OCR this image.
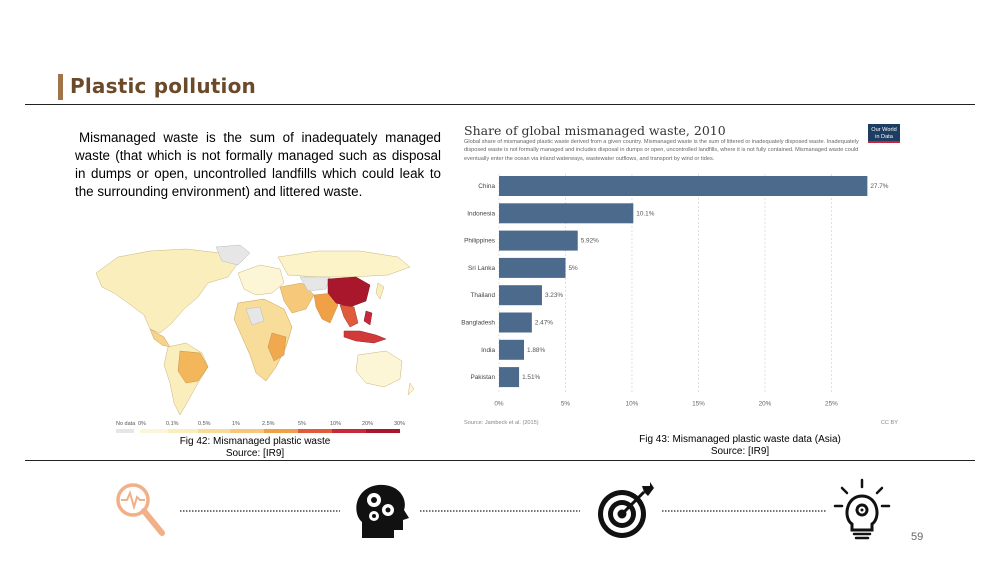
Plastic pollution
Mismanaged waste is the sum of inadequately managed waste (that which is not formally managed such as disposal in dumps or open, uncontrolled landfills which could leak to the surrounding environment) and littered waste.
No data 0%	0.1%	0.5%	1%	2.5%	5%	10%	20%	30%
Fig 42: Mismanaged plastic waste
Source: [IR9]
Share of global mismanaged waste, 2010
Global share of mismanaged plastic waste derived from a given country. Mismanaged waste is the sum of littered or inadequately disposed waste. Inadequately disposed waste is not formally managed and includes disposal in dumps or open, uncontrolled landfills, where it is not fully contained. Mismanaged waste could eventually enter the ocean via inland waterways, wastewater outflows, and transport by wind or tides.
Our World
in Data
China	27.7%
Indonesia	10.1%
Philippines	5.92%
Sri Lanka	5%
Thailand	3.23%
Bangladesh	2.47%
India	1.88%
Pakistan	1.51%
0%	5%	10%	15%	20%	25%
Source: Jambeck et al. (2015)	CC BY
Fig 43: Mismanaged plastic waste data (Asia)
Source: [IR9]
59
